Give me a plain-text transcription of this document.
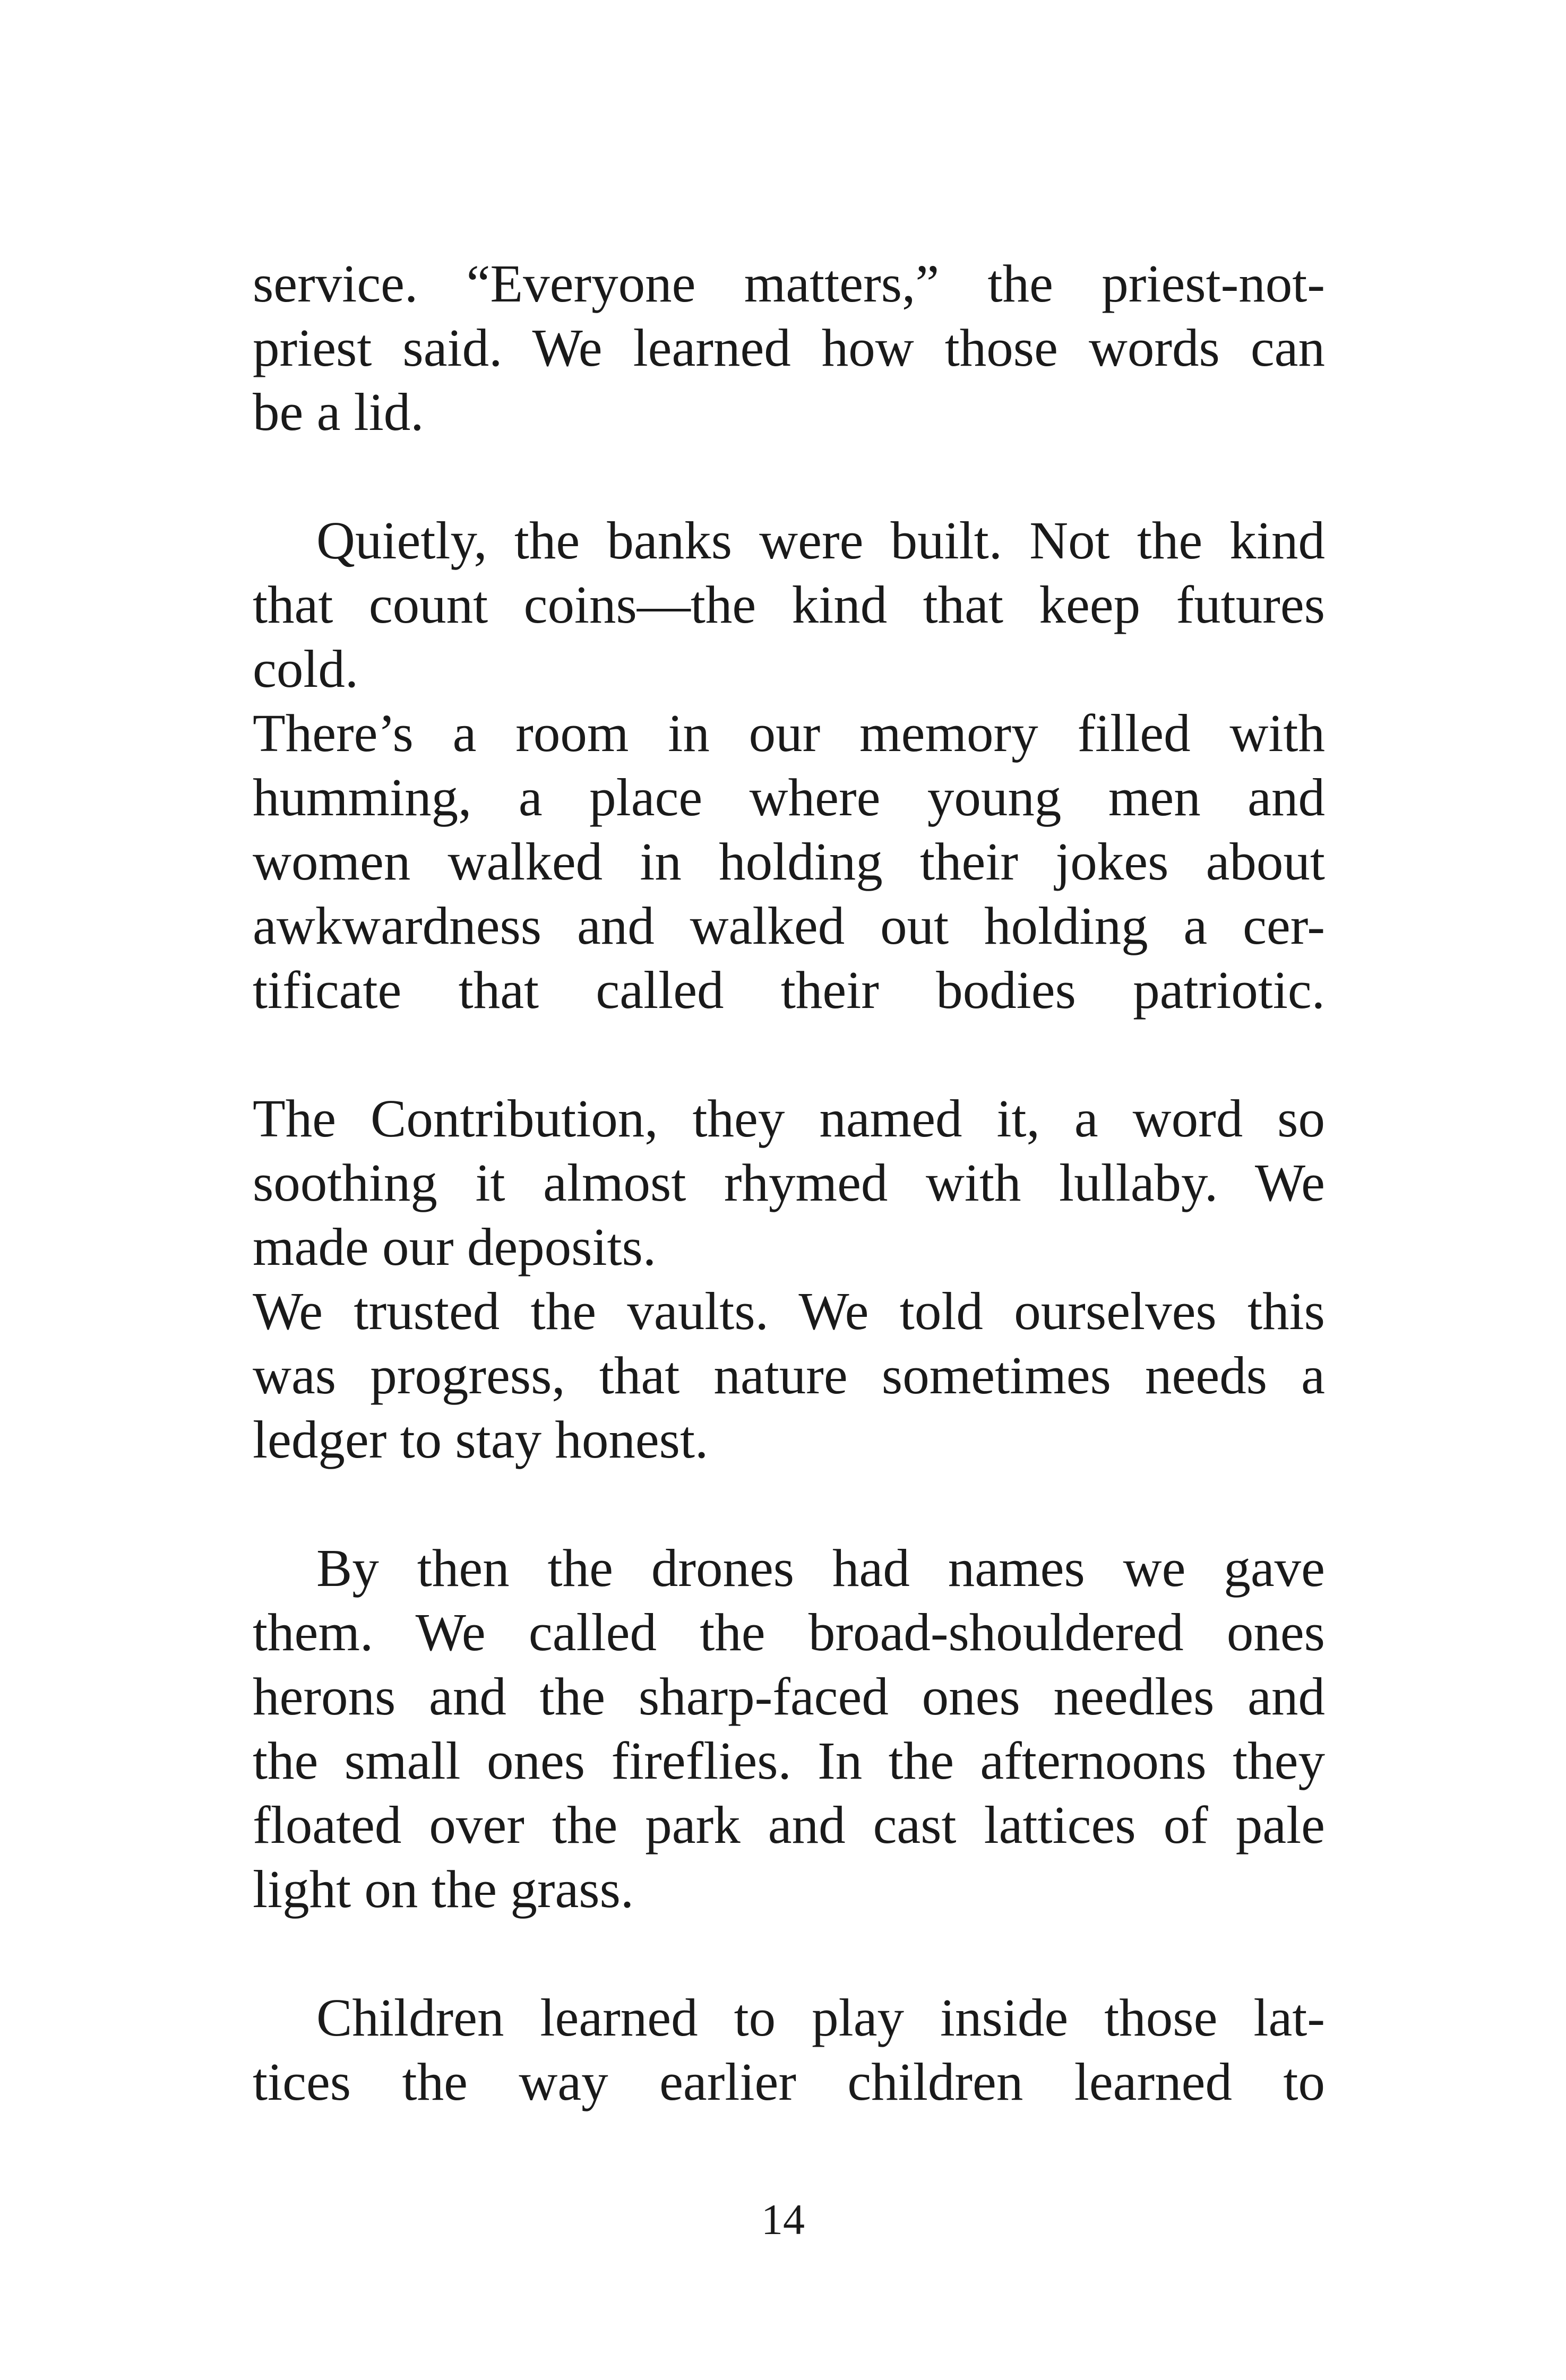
service. “Everyone matters,” the priest-not-
priest said. We learned how those words can
be a lid.
Quietly, the banks were built. Not the kind
that count coins—the kind that keep futures
cold.
There’s a room in our memory filled with
humming, a place where young men and
women walked in holding their jokes about
awkwardness and walked out holding a cer-
tificate that called their bodies patriotic.
The Contribution, they named it, a word so
soothing it almost rhymed with lullaby. We
made our deposits.
We trusted the vaults. We told ourselves this
was progress, that nature sometimes needs a
ledger to stay honest.
By then the drones had names we gave
them. We called the broad-shouldered ones
herons and the sharp-faced ones needles and
the small ones fireflies. In the afternoons they
floated over the park and cast lattices of pale
light on the grass.
Children learned to play inside those lat-
tices the way earlier children learned to
14
